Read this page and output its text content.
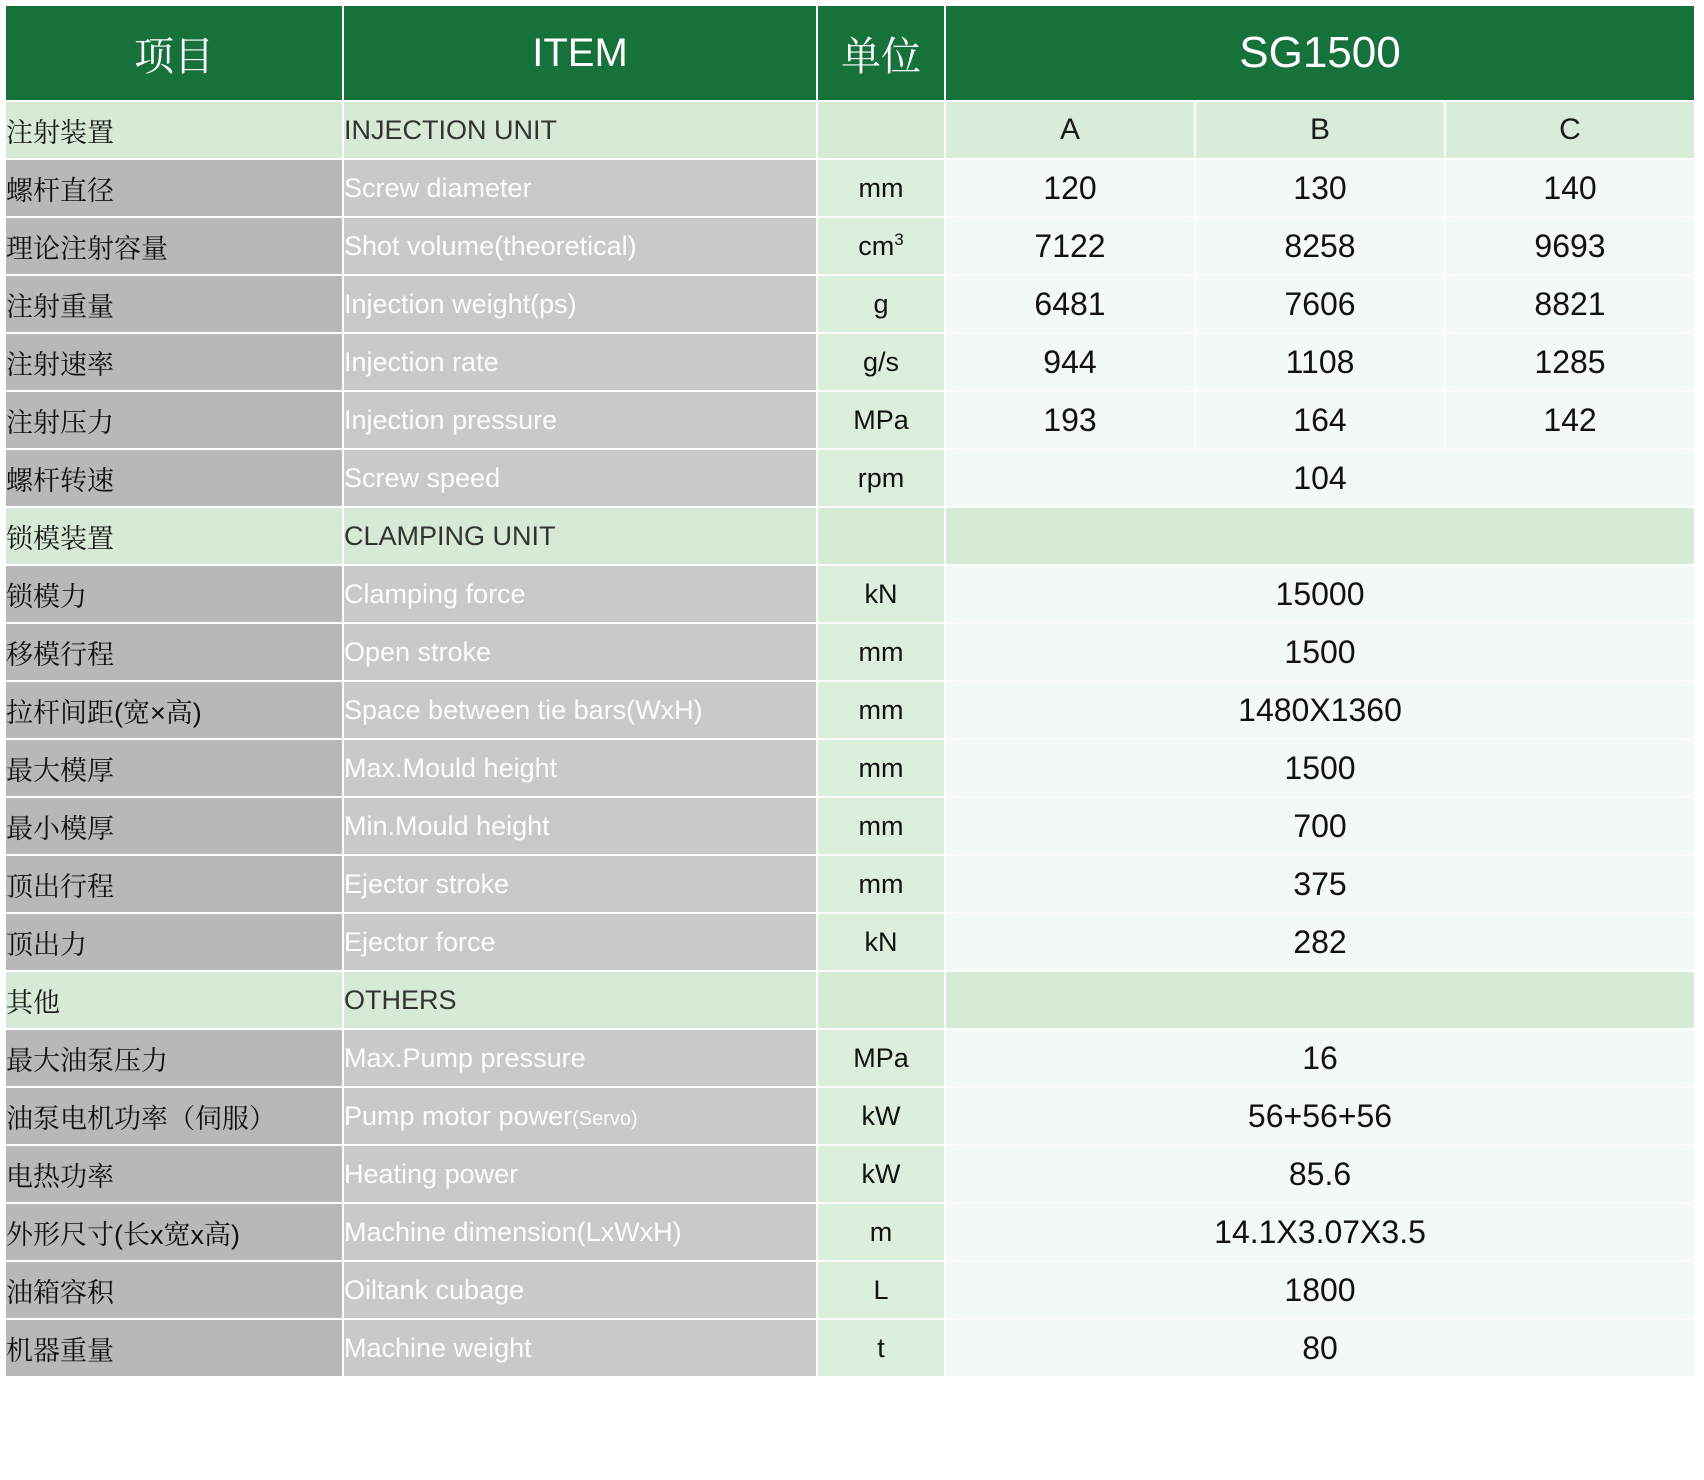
项目	ITEM	单位	SG1500		
注射装置	INJECTION UNIT		A	B	C
螺杆直径	Screw diameter	mm	120	130	140
理论注射容量	Shot volume(theoretical)	$cm^3$	7122	8258	9693
注射重量	Injection weight(ps)	g	6481	7606	8821
注射速率	Injection rate	g/s	944	1108	1285
注射压力	Injection pressure	MPa	193	164	142
螺杆转速	Screw speed	rpm	104		
锁模装置	CLAMPING UNIT				
锁模力	Clamping force	kN	15000		
移模行程	Open stroke	mm	1500		
拉杆间距(宽×高)	Space between tie bars(WxH)	mm	1480X1360		
最大模厚	Max.Mould height	mm	1500		
最小模厚	Min.Mould height	mm	700		
顶出行程	Ejector stroke	mm	375		
顶出力	Ejector force	kN	282		
其他	OTHERS				
最大油泵压力	Max.Pump pressure	MPa	16		
油泵电机功率（伺服）	Pump motor power(Servo)	kW	56+56+56		
电热功率	Heating power	kW	85.6		
外形尺寸(长x宽x高)	Machine dimension(LxWxH)	m	14.1X3.07X3.5		
油箱容积	Oiltank cubage	L	1800		
机器重量	Machine weight	t	80		
